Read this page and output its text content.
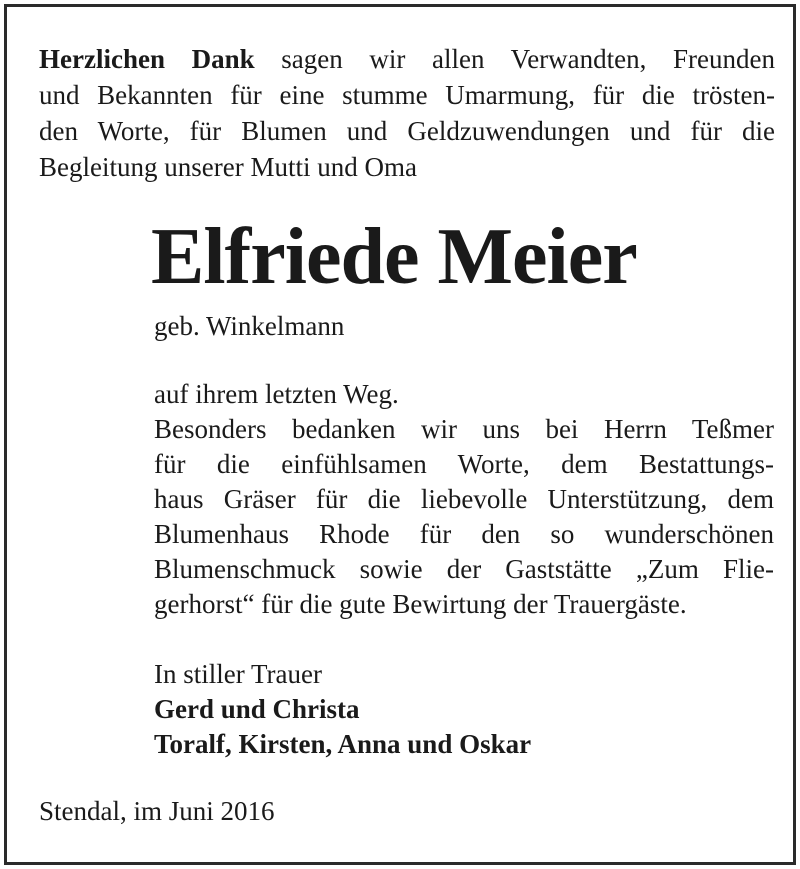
Herzlichen Dank sagen wir allen Verwandten, Freunden
und Bekannten für eine stumme Umarmung, für die trösten-
den Worte, für Blumen und Geldzuwendungen und für die
Begleitung unserer Mutti und Oma
Elfriede Meier
geb. Winkelmann
auf ihrem letzten Weg.
Besonders bedanken wir uns bei Herrn Teßmer
für die einfühlsamen Worte, dem Bestattungs-
haus Gräser für die liebevolle Unterstützung, dem
Blumenhaus Rhode für den so wunderschönen
Blumenschmuck sowie der Gaststätte „Zum Flie-
gerhorst“ für die gute Bewirtung der Trauergäste.
In stiller Trauer
Gerd und Christa
Toralf, Kirsten, Anna und Oskar
Stendal, im Juni 2016
